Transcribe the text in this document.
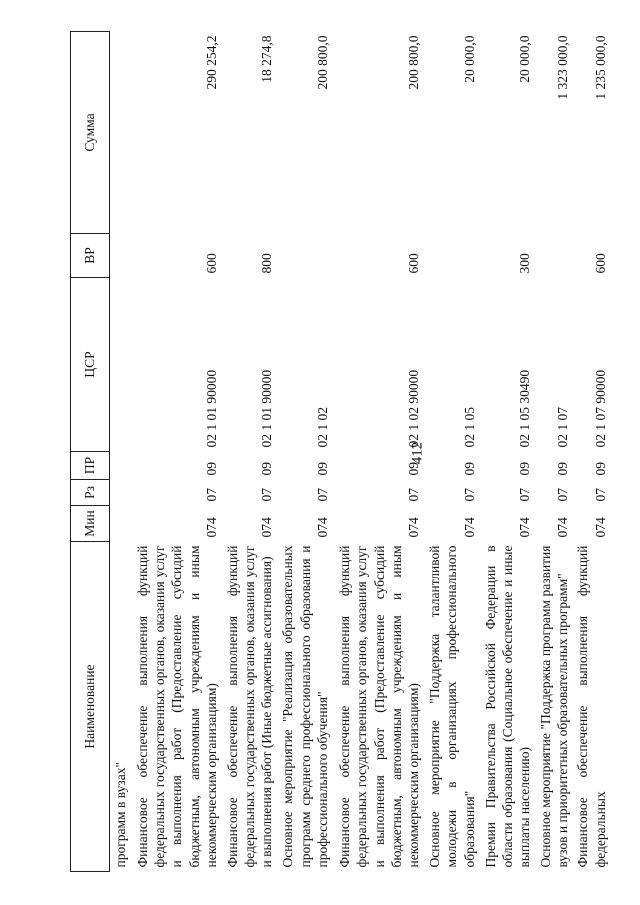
412
Наименование	Мин	Рз	ПР	ЦСР	ВР	Сумма
программ в вузах"						
Финансовое обеспечение выполнения функций федеральных государственных органов, оказания услуг и выполнения работ (Предоставление субсидий бюджетным, автономным учреждениям и иным некоммерческим организациям)	074	07	09	02 1 01 90000	600	290 254,2
Финансовое обеспечение выполнения функций федеральных государственных органов, оказания услуг и выполнения работ (Иные бюджетные ассигнования)	074	07	09	02 1 01 90000	800	18 274,8
Основное мероприятие "Реализация образовательных программ среднего профессионального образования и профессионального обучения"	074	07	09	02 1 02		200 800,0
Финансовое обеспечение выполнения функций федеральных государственных органов, оказания услуг и выполнения работ (Предоставление субсидий бюджетным, автономным учреждениям и иным некоммерческим организациям)	074	07	09	02 1 02 90000	600	200 800,0
Основное мероприятие "Поддержка талантливой молодежи в организациях профессионального образования"	074	07	09	02 1 05		20 000,0
Премии Правительства Российской Федерации в области образования (Социальное обеспечение и иные выплаты населению)	074	07	09	02 1 05 30490	300	20 000,0
Основное мероприятие "Поддержка программ развития вузов и приоритетных образовательных программ"	074	07	09	02 1 07		1 323 000,0
Финансовое обеспечение выполнения функций федеральных	074	07	09	02 1 07 90000	600	1 235 000,0
